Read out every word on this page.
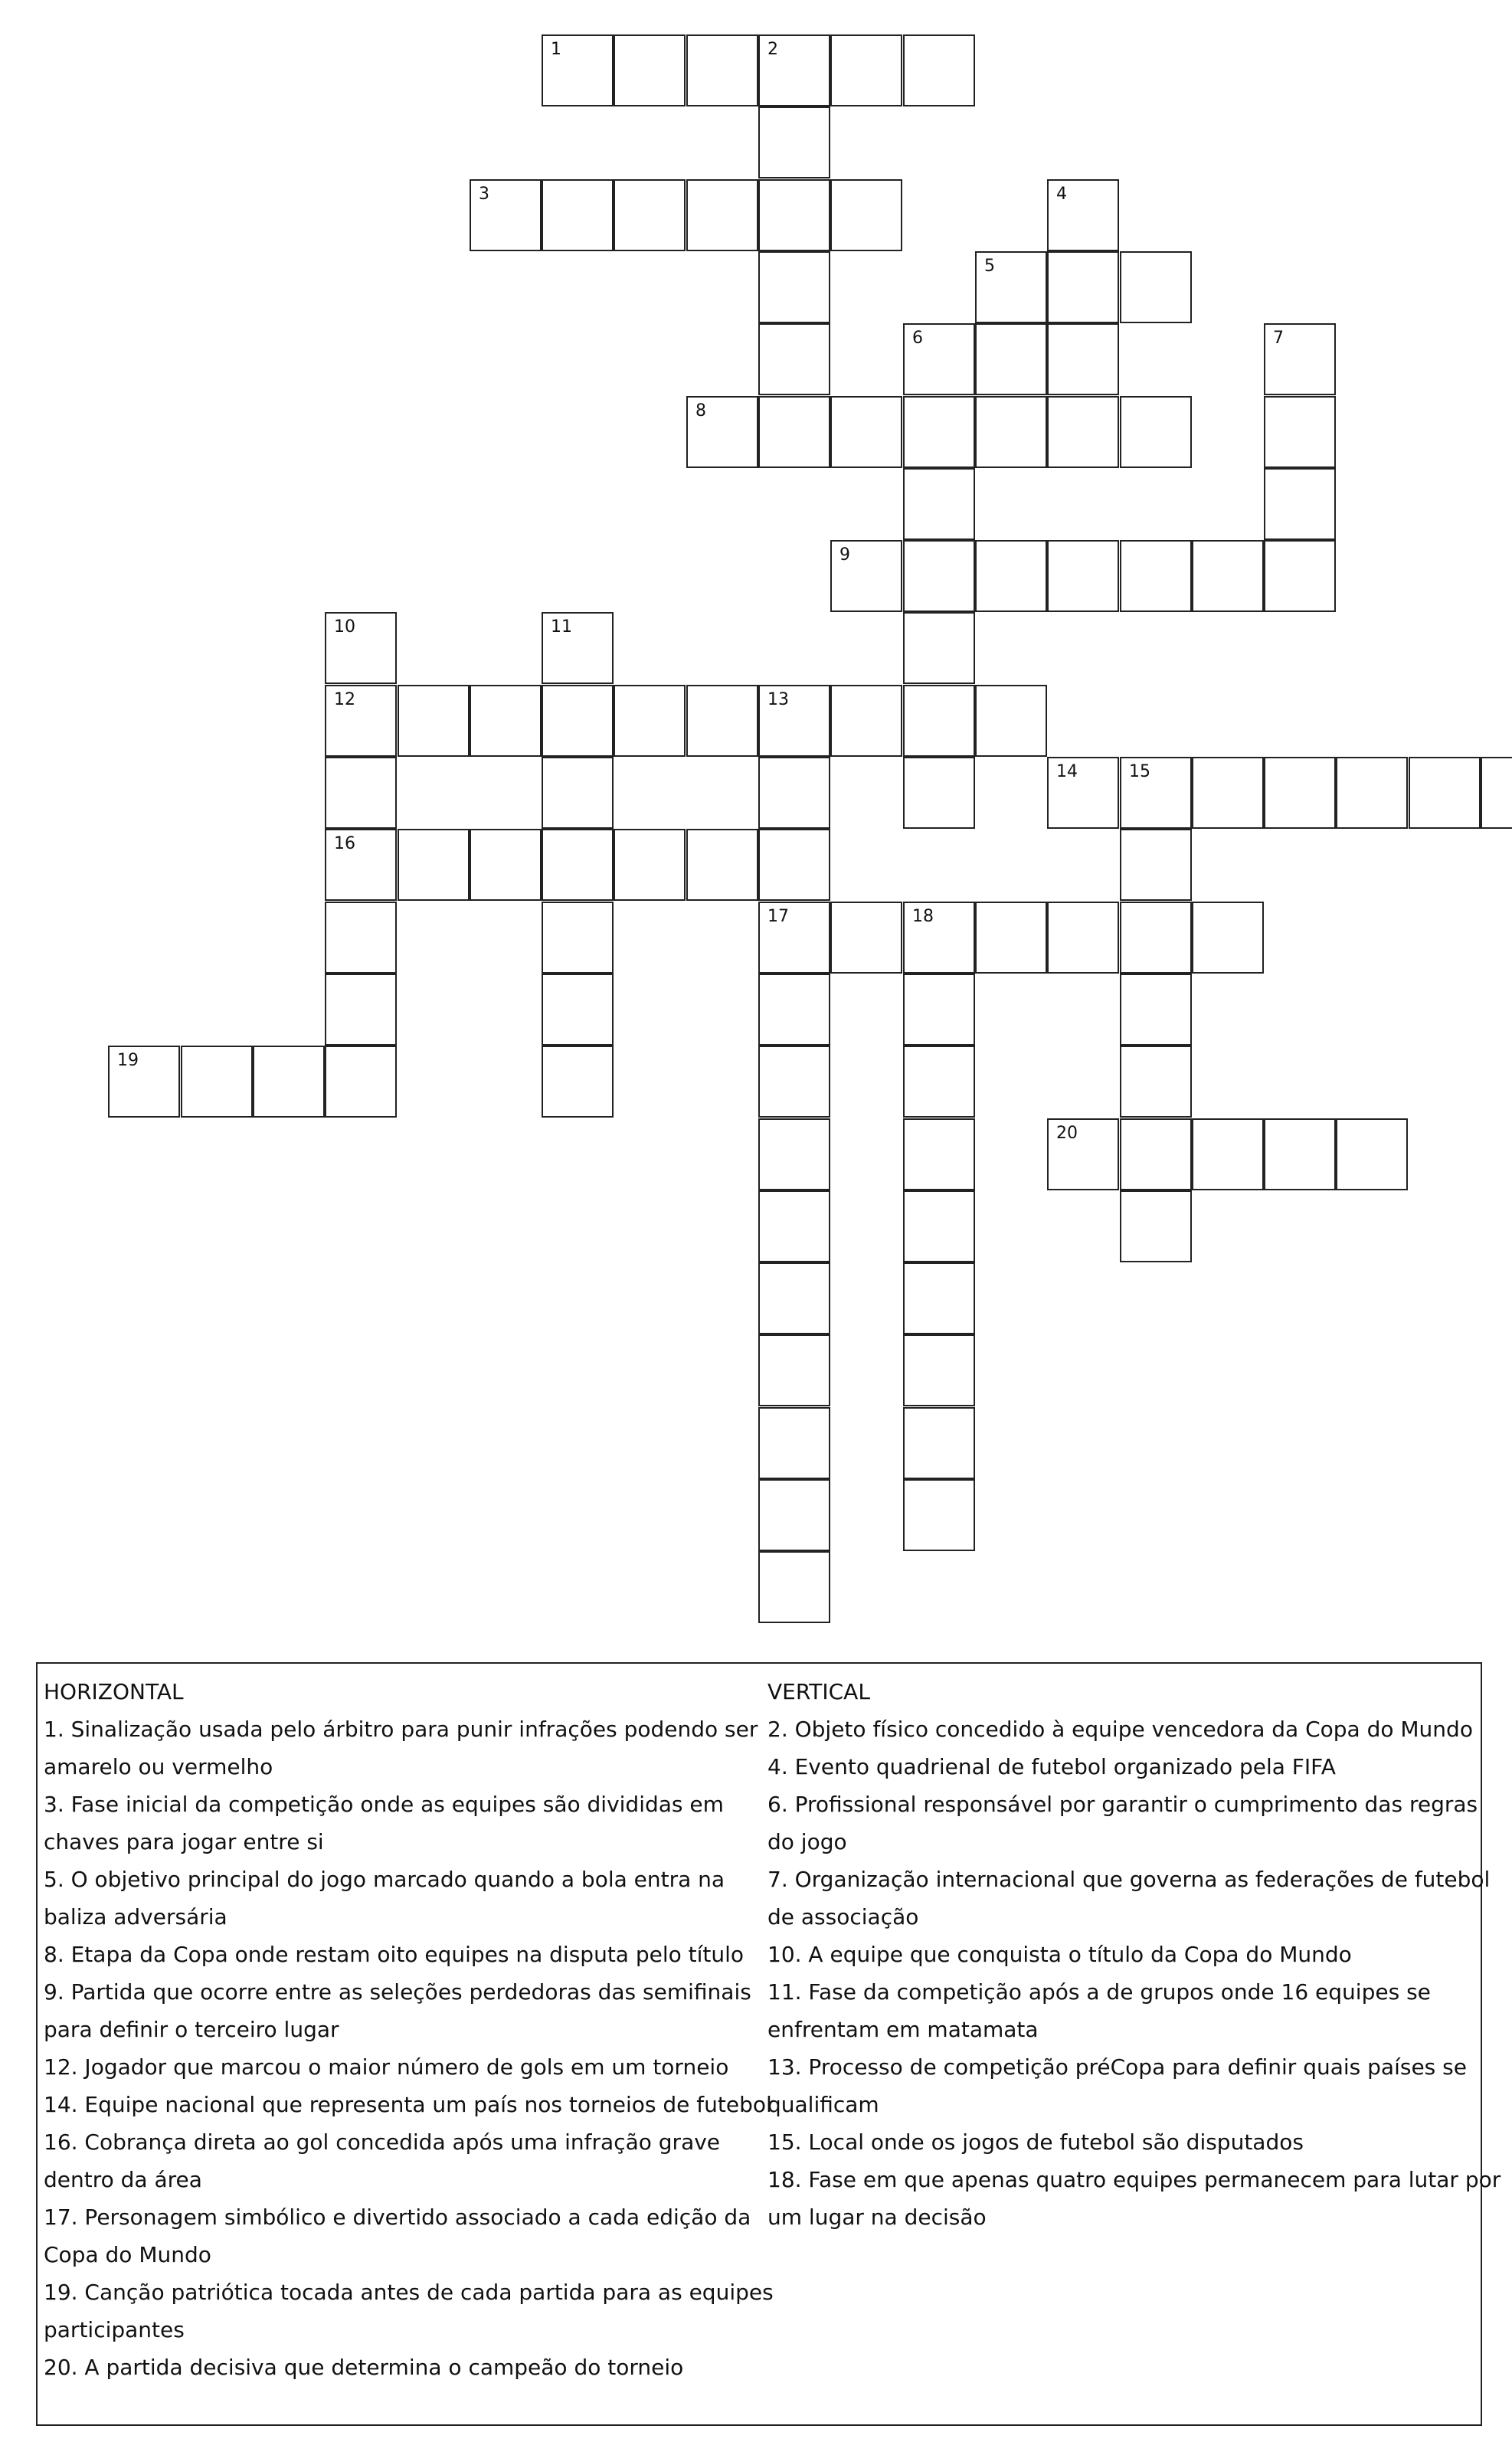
1	2
3	4
5
6	7
8
9
10	11
12	13
14	15
16
17	18
19
20
HORIZONTAL
1. Sinalização usada pelo árbitro para punir infrações podendo ser
amarelo ou vermelho
3. Fase inicial da competição onde as equipes são divididas em
chaves para jogar entre si
5. O objetivo principal do jogo marcado quando a bola entra na
baliza adversária
8. Etapa da Copa onde restam oito equipes na disputa pelo título
9. Partida que ocorre entre as seleções perdedoras das semifinais
para definir o terceiro lugar
12. Jogador que marcou o maior número de gols em um torneio
14. Equipe nacional que representa um país nos torneios de futebol
16. Cobrança direta ao gol concedida após uma infração grave
dentro da área
17. Personagem simbólico e divertido associado a cada edição da
Copa do Mundo
19. Canção patriótica tocada antes de cada partida para as equipes
participantes
20. A partida decisiva que determina o campeão do torneio
VERTICAL
2. Objeto físico concedido à equipe vencedora da Copa do Mundo
4. Evento quadrienal de futebol organizado pela FIFA
6. Profissional responsável por garantir o cumprimento das regras
do jogo
7. Organização internacional que governa as federações de futebol
de associação
10. A equipe que conquista o título da Copa do Mundo
11. Fase da competição após a de grupos onde 16 equipes se
enfrentam em matamata
13. Processo de competição préCopa para definir quais países se
qualificam
15. Local onde os jogos de futebol são disputados
18. Fase em que apenas quatro equipes permanecem para lutar por
um lugar na decisão
